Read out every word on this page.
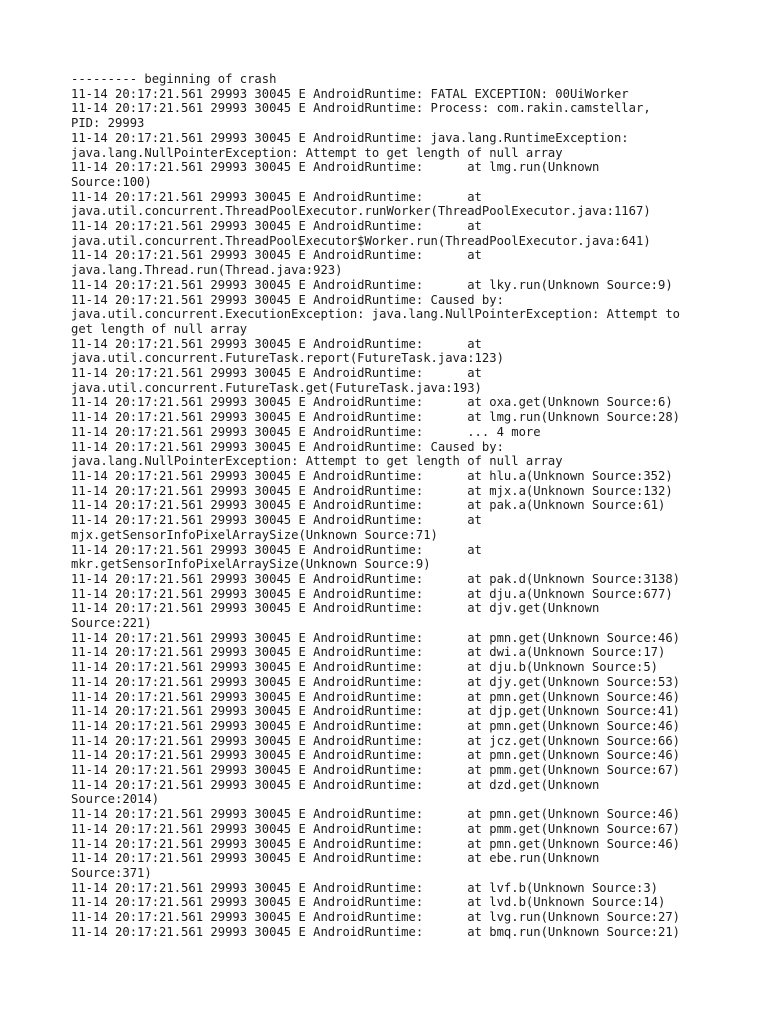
--------- beginning of crash
11-14 20:17:21.561 29993 30045 E AndroidRuntime: FATAL EXCEPTION: 00UiWorker
11-14 20:17:21.561 29993 30045 E AndroidRuntime: Process: com.rakin.camstellar,
PID: 29993
11-14 20:17:21.561 29993 30045 E AndroidRuntime: java.lang.RuntimeException:
java.lang.NullPointerException: Attempt to get length of null array
11-14 20:17:21.561 29993 30045 E AndroidRuntime:      at lmg.run(Unknown
Source:100)
11-14 20:17:21.561 29993 30045 E AndroidRuntime:      at
java.util.concurrent.ThreadPoolExecutor.runWorker(ThreadPoolExecutor.java:1167)
11-14 20:17:21.561 29993 30045 E AndroidRuntime:      at
java.util.concurrent.ThreadPoolExecutor$Worker.run(ThreadPoolExecutor.java:641)
11-14 20:17:21.561 29993 30045 E AndroidRuntime:      at
java.lang.Thread.run(Thread.java:923)
11-14 20:17:21.561 29993 30045 E AndroidRuntime:      at lky.run(Unknown Source:9)
11-14 20:17:21.561 29993 30045 E AndroidRuntime: Caused by:
java.util.concurrent.ExecutionException: java.lang.NullPointerException: Attempt to
get length of null array
11-14 20:17:21.561 29993 30045 E AndroidRuntime:      at
java.util.concurrent.FutureTask.report(FutureTask.java:123)
11-14 20:17:21.561 29993 30045 E AndroidRuntime:      at
java.util.concurrent.FutureTask.get(FutureTask.java:193)
11-14 20:17:21.561 29993 30045 E AndroidRuntime:      at oxa.get(Unknown Source:6)
11-14 20:17:21.561 29993 30045 E AndroidRuntime:      at lmg.run(Unknown Source:28)
11-14 20:17:21.561 29993 30045 E AndroidRuntime:      ... 4 more
11-14 20:17:21.561 29993 30045 E AndroidRuntime: Caused by:
java.lang.NullPointerException: Attempt to get length of null array
11-14 20:17:21.561 29993 30045 E AndroidRuntime:      at hlu.a(Unknown Source:352)
11-14 20:17:21.561 29993 30045 E AndroidRuntime:      at mjx.a(Unknown Source:132)
11-14 20:17:21.561 29993 30045 E AndroidRuntime:      at pak.a(Unknown Source:61)
11-14 20:17:21.561 29993 30045 E AndroidRuntime:      at
mjx.getSensorInfoPixelArraySize(Unknown Source:71)
11-14 20:17:21.561 29993 30045 E AndroidRuntime:      at
mkr.getSensorInfoPixelArraySize(Unknown Source:9)
11-14 20:17:21.561 29993 30045 E AndroidRuntime:      at pak.d(Unknown Source:3138)
11-14 20:17:21.561 29993 30045 E AndroidRuntime:      at dju.a(Unknown Source:677)
11-14 20:17:21.561 29993 30045 E AndroidRuntime:      at djv.get(Unknown
Source:221)
11-14 20:17:21.561 29993 30045 E AndroidRuntime:      at pmn.get(Unknown Source:46)
11-14 20:17:21.561 29993 30045 E AndroidRuntime:      at dwi.a(Unknown Source:17)
11-14 20:17:21.561 29993 30045 E AndroidRuntime:      at dju.b(Unknown Source:5)
11-14 20:17:21.561 29993 30045 E AndroidRuntime:      at djy.get(Unknown Source:53)
11-14 20:17:21.561 29993 30045 E AndroidRuntime:      at pmn.get(Unknown Source:46)
11-14 20:17:21.561 29993 30045 E AndroidRuntime:      at djp.get(Unknown Source:41)
11-14 20:17:21.561 29993 30045 E AndroidRuntime:      at pmn.get(Unknown Source:46)
11-14 20:17:21.561 29993 30045 E AndroidRuntime:      at jcz.get(Unknown Source:66)
11-14 20:17:21.561 29993 30045 E AndroidRuntime:      at pmn.get(Unknown Source:46)
11-14 20:17:21.561 29993 30045 E AndroidRuntime:      at pmm.get(Unknown Source:67)
11-14 20:17:21.561 29993 30045 E AndroidRuntime:      at dzd.get(Unknown
Source:2014)
11-14 20:17:21.561 29993 30045 E AndroidRuntime:      at pmn.get(Unknown Source:46)
11-14 20:17:21.561 29993 30045 E AndroidRuntime:      at pmm.get(Unknown Source:67)
11-14 20:17:21.561 29993 30045 E AndroidRuntime:      at pmn.get(Unknown Source:46)
11-14 20:17:21.561 29993 30045 E AndroidRuntime:      at ebe.run(Unknown
Source:371)
11-14 20:17:21.561 29993 30045 E AndroidRuntime:      at lvf.b(Unknown Source:3)
11-14 20:17:21.561 29993 30045 E AndroidRuntime:      at lvd.b(Unknown Source:14)
11-14 20:17:21.561 29993 30045 E AndroidRuntime:      at lvg.run(Unknown Source:27)
11-14 20:17:21.561 29993 30045 E AndroidRuntime:      at bmq.run(Unknown Source:21)
